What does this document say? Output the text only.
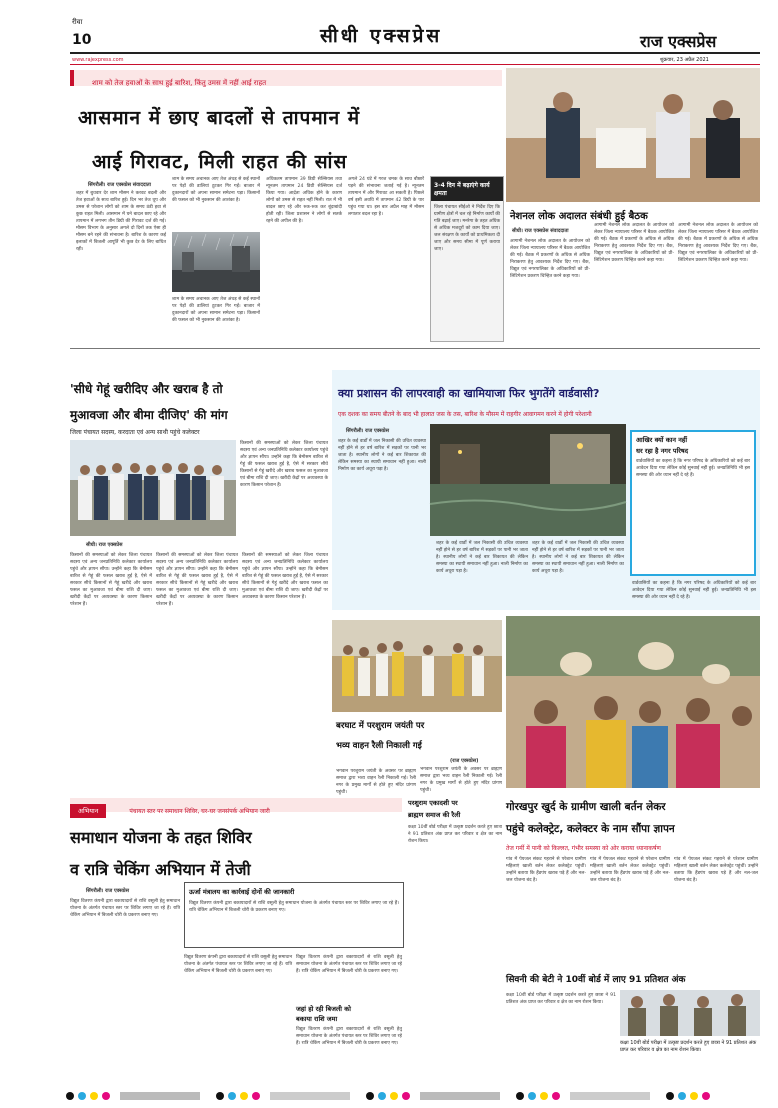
रीवा
10	सीधी एक्सप्रेस	राज एक्सप्रेस
www.rajexpress.com	शुक्रवार, 23 अप्रैल 2021
शाम को तेज हवाओं के साथ हुई बारिश, किंतु उमस में नहीं आई राहत
आसमान में छाए बादलों से तापमान में
आई गिरावट, मिली राहत की सांस
सिंगरौली। राज एक्सप्रेस संवाददाता
शहर में बुधवार देर शाम मौसम ने करवट बदली और तेज हवाओं के साथ बारिश हुई। दिन भर तेज धूप और उमस से परेशान लोगों को शाम के समय ठंडी हवा से कुछ राहत मिली। आसमान में घने बादल छाए रहे और तापमान में लगभग तीन डिग्री की गिरावट दर्ज की गई। मौसम विभाग के अनुसार अगले दो दिनों तक ऐसा ही मौसम बने रहने की संभावना है। बारिश के कारण कई इलाकों में बिजली आपूर्ति भी कुछ देर के लिए बाधित रही।
शाम के समय अचानक आए तेज अंधड़ से कई स्थानों पर पेड़ों की डालियां टूटकर गिर गईं। बाजार में दुकानदारों को अपना सामान समेटना पड़ा। किसानों की फसल को भी नुकसान की आशंका है।
शाम के समय अचानक आए तेज अंधड़ से कई स्थानों पर पेड़ों की डालियां टूटकर गिर गईं। बाजार में दुकानदारों को अपना सामान समेटना पड़ा। किसानों की फसल को भी नुकसान की आशंका है।
अधिकतम तापमान 39 डिग्री सेल्सियस तथा न्यूनतम तापमान 24 डिग्री सेल्सियस दर्ज किया गया। आर्द्रता अधिक होने के कारण लोगों को उमस से राहत नहीं मिली। रात में भी बादल छाए रहे और रुक-रुक कर बूंदाबांदी होती रही। जिला प्रशासन ने लोगों से सतर्क रहने की अपील की है।
अगले 24 घंटे में गरज चमक के साथ बौछारें पड़ने की संभावना जताई गई है। न्यूनतम तापमान में और गिरावट आ सकती है। पिछले वर्ष इसी अवधि में तापमान 42 डिग्री के पार पहुंच गया था। इस बार अप्रैल माह में मौसम लगातार बदल रहा है।
3-4 दिन में बढ़ाएंगे कार्य क्षमता
जिला पंचायत सीईओ ने निर्देश दिए कि ग्रामीण क्षेत्रों में चल रहे निर्माण कार्यों की गति बढ़ाई जाए। मनरेगा के तहत अधिक से अधिक मजदूरों को काम दिया जाए। जल संरक्षण के कार्यों को प्राथमिकता दी जाए और समय सीमा में पूर्ण कराया जाए।
नेशनल लोक अदालत संबंधी हुई बैठक
सीधी। राज एक्सप्रेस संवाददाता
आगामी नेशनल लोक अदालत के आयोजन को लेकर जिला न्यायालय परिसर में बैठक आयोजित की गई। बैठक में प्रकरणों के अधिक से अधिक निराकरण हेतु आवश्यक निर्देश दिए गए। बैंक, विद्युत एवं नगरपालिका के अधिकारियों को प्री-लिटिगेशन प्रकरण चिन्हित करने कहा गया।
आगामी नेशनल लोक अदालत के आयोजन को लेकर जिला न्यायालय परिसर में बैठक आयोजित की गई। बैठक में प्रकरणों के अधिक से अधिक निराकरण हेतु आवश्यक निर्देश दिए गए। बैंक, विद्युत एवं नगरपालिका के अधिकारियों को प्री-लिटिगेशन प्रकरण चिन्हित करने कहा गया।
आगामी नेशनल लोक अदालत के आयोजन को लेकर जिला न्यायालय परिसर में बैठक आयोजित की गई। बैठक में प्रकरणों के अधिक से अधिक निराकरण हेतु आवश्यक निर्देश दिए गए। बैंक, विद्युत एवं नगरपालिका के अधिकारियों को प्री-लिटिगेशन प्रकरण चिन्हित करने कहा गया।
'सीधे गेहूं खरीदिए और खराब है तो
मुआवजा और बीमा दीजिए' की मांग
जिला पंचायत सदस्य, करदाता एवं अन्य साथी पहुंचे कलेक्टर
किसानों की समस्याओं को लेकर जिला पंचायत सदस्य एवं अन्य जनप्रतिनिधि कलेक्टर कार्यालय पहुंचे और ज्ञापन सौंपा। उन्होंने कहा कि बेमौसम बारिश से गेहूं की फसल खराब हुई है, ऐसे में सरकार सीधे किसानों से गेहूं खरीदे और खराब फसल का मुआवजा एवं बीमा राशि दी जाए। खरीदी केंद्रों पर अव्यवस्था के कारण किसान परेशान हैं।
सीधी। राज एक्सप्रेस
किसानों की समस्याओं को लेकर जिला पंचायत सदस्य एवं अन्य जनप्रतिनिधि कलेक्टर कार्यालय पहुंचे और ज्ञापन सौंपा। उन्होंने कहा कि बेमौसम बारिश से गेहूं की फसल खराब हुई है, ऐसे में सरकार सीधे किसानों से गेहूं खरीदे और खराब फसल का मुआवजा एवं बीमा राशि दी जाए। खरीदी केंद्रों पर अव्यवस्था के कारण किसान परेशान हैं।
किसानों की समस्याओं को लेकर जिला पंचायत सदस्य एवं अन्य जनप्रतिनिधि कलेक्टर कार्यालय पहुंचे और ज्ञापन सौंपा। उन्होंने कहा कि बेमौसम बारिश से गेहूं की फसल खराब हुई है, ऐसे में सरकार सीधे किसानों से गेहूं खरीदे और खराब फसल का मुआवजा एवं बीमा राशि दी जाए। खरीदी केंद्रों पर अव्यवस्था के कारण किसान परेशान हैं।
किसानों की समस्याओं को लेकर जिला पंचायत सदस्य एवं अन्य जनप्रतिनिधि कलेक्टर कार्यालय पहुंचे और ज्ञापन सौंपा। उन्होंने कहा कि बेमौसम बारिश से गेहूं की फसल खराब हुई है, ऐसे में सरकार सीधे किसानों से गेहूं खरीदे और खराब फसल का मुआवजा एवं बीमा राशि दी जाए। खरीदी केंद्रों पर अव्यवस्था के कारण किसान परेशान हैं।
क्या प्रशासन की लापरवाही का खामियाजा फिर भुगतेंगे वार्डवासी?
एक दशक का समय बीतने के बाद भी हालात जस के तस, बारिश के मौसम में राहगीर आवागमन करने में होगी परेशानी
सिंगरौली। राज एक्सप्रेस
शहर के कई वार्डों में जल निकासी की उचित व्यवस्था नहीं होने से हर वर्ष बारिश में सड़कों पर पानी भर जाता है। स्थानीय लोगों ने कई बार शिकायत की लेकिन समस्या का स्थायी समाधान नहीं हुआ। नाली निर्माण का कार्य अधूरा पड़ा है।
आखिर क्यों कान नहीं
धर रहा है नगर परिषद
वार्डवासियों का कहना है कि नगर परिषद के अधिकारियों को कई बार आवेदन दिया गया लेकिन कोई सुनवाई नहीं हुई। जनप्रतिनिधि भी इस समस्या की ओर ध्यान नहीं दे रहे हैं।
शहर के कई वार्डों में जल निकासी की उचित व्यवस्था नहीं होने से हर वर्ष बारिश में सड़कों पर पानी भर जाता है। स्थानीय लोगों ने कई बार शिकायत की लेकिन समस्या का स्थायी समाधान नहीं हुआ। नाली निर्माण का कार्य अधूरा पड़ा है।
शहर के कई वार्डों में जल निकासी की उचित व्यवस्था नहीं होने से हर वर्ष बारिश में सड़कों पर पानी भर जाता है। स्थानीय लोगों ने कई बार शिकायत की लेकिन समस्या का स्थायी समाधान नहीं हुआ। नाली निर्माण का कार्य अधूरा पड़ा है।
वार्डवासियों का कहना है कि नगर परिषद के अधिकारियों को कई बार आवेदन दिया गया लेकिन कोई सुनवाई नहीं हुई। जनप्रतिनिधि भी इस समस्या की ओर ध्यान नहीं दे रहे हैं।
बरघाट में परशुराम जयंती पर
भव्य वाहन रैली निकाली गई
(राज एक्सप्रेस)
भगवान परशुराम जयंती के अवसर पर ब्राह्मण समाज द्वारा भव्य वाहन रैली निकाली गई। रैली नगर के प्रमुख मार्गों से होते हुए मंदिर प्रांगण पहुंची।
भगवान परशुराम जयंती के अवसर पर ब्राह्मण समाज द्वारा भव्य वाहन रैली निकाली गई। रैली नगर के प्रमुख मार्गों से होते हुए मंदिर प्रांगण पहुंची।
गोरखपुर खुर्द के ग्रामीण खाली बर्तन लेकर
पहुंचे कलेक्ट्रेट, कलेक्टर के नाम सौंपा ज्ञापन
तेज गर्मी में पानी को किल्लत, गंभीर समस्या को ओर कराया ध्यानाकर्षण
गांव में पेयजल संकट गहराने से परेशान ग्रामीण महिलाएं खाली बर्तन लेकर कलेक्ट्रेट पहुंचीं। उन्होंने बताया कि हैंडपंप खराब पड़े हैं और नल-जल योजना बंद है।
गांव में पेयजल संकट गहराने से परेशान ग्रामीण महिलाएं खाली बर्तन लेकर कलेक्ट्रेट पहुंचीं। उन्होंने बताया कि हैंडपंप खराब पड़े हैं और नल-जल योजना बंद है।
गांव में पेयजल संकट गहराने से परेशान ग्रामीण महिलाएं खाली बर्तन लेकर कलेक्ट्रेट पहुंचीं। उन्होंने बताया कि हैंडपंप खराब पड़े हैं और नल-जल योजना बंद है।
अभियान	पंचायत स्तर पर समाधान शिविर, घर-घर जनसंपर्क अभियान जारी
समाधान योजना के तहत शिविर
व रात्रि चेकिंग अभियान में तेजी
सिंगरौली। राज एक्सप्रेस
विद्युत वितरण कंपनी द्वारा बकायादारों से राशि वसूली हेतु समाधान योजना के अंतर्गत पंचायत स्तर पर शिविर लगाए जा रहे हैं। रात्रि चेकिंग अभियान में बिजली चोरी के प्रकरण बनाए गए।
ऊर्जा मंत्रालय का कार्रवाई दोनों की जानकारी
विद्युत वितरण कंपनी द्वारा बकायादारों से राशि वसूली हेतु समाधान योजना के अंतर्गत पंचायत स्तर पर शिविर लगाए जा रहे हैं। रात्रि चेकिंग अभियान में बिजली चोरी के प्रकरण बनाए गए।
विद्युत वितरण कंपनी द्वारा बकायादारों से राशि वसूली हेतु समाधान योजना के अंतर्गत पंचायत स्तर पर शिविर लगाए जा रहे हैं। रात्रि चेकिंग अभियान में बिजली चोरी के प्रकरण बनाए गए।
जहां हो रही बिजली को
बकाया राशि जमा
विद्युत वितरण कंपनी द्वारा बकायादारों से राशि वसूली हेतु समाधान योजना के अंतर्गत पंचायत स्तर पर शिविर लगाए जा रहे हैं। रात्रि चेकिंग अभियान में बिजली चोरी के प्रकरण बनाए गए।
विद्युत वितरण कंपनी द्वारा बकायादारों से राशि वसूली हेतु समाधान योजना के अंतर्गत पंचायत स्तर पर शिविर लगाए जा रहे हैं। रात्रि चेकिंग अभियान में बिजली चोरी के प्रकरण बनाए गए।
परशुराम एकादशी पर
ब्राह्मण समाज की रैली
कक्षा 10वीं बोर्ड परीक्षा में उत्कृष्ट प्रदर्शन करते हुए छात्रा ने 91 प्रतिशत अंक प्राप्त कर परिवार व क्षेत्र का नाम रोशन किया।
सिवनी की बेटी ने 10वीं बोर्ड में लाए 91 प्रतिशत अंक
कक्षा 10वीं बोर्ड परीक्षा में उत्कृष्ट प्रदर्शन करते हुए छात्रा ने 91 प्रतिशत अंक प्राप्त कर परिवार व क्षेत्र का नाम रोशन किया।
कक्षा 10वीं बोर्ड परीक्षा में उत्कृष्ट प्रदर्शन करते हुए छात्रा ने 91 प्रतिशत अंक प्राप्त कर परिवार व क्षेत्र का नाम रोशन किया।
